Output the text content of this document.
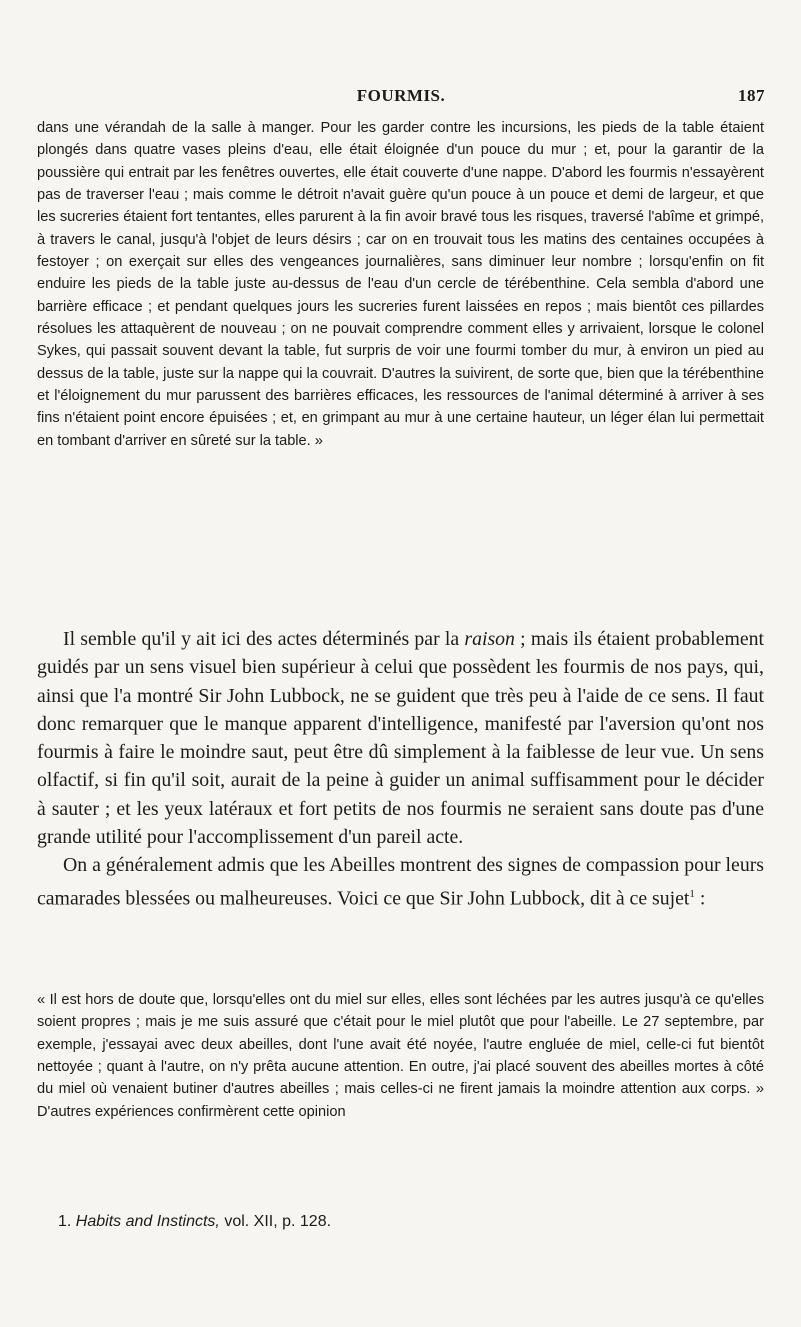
FOURMIS.	187

dans une vérandah de la salle à manger. Pour les garder contre les incursions, les pieds de la table étaient plongés dans quatre vases pleins d'eau, elle était éloignée d'un pouce du mur ; et, pour la garantir de la poussière qui entrait par les fenêtres ouvertes, elle était couverte d'une nappe. D'abord les fourmis n'essayèrent pas de traverser l'eau ; mais comme le détroit n'avait guère qu'un pouce à un pouce et demi de largeur, et que les sucreries étaient fort tentantes, elles parurent à la fin avoir bravé tous les risques, traversé l'abîme et grimpé, à travers le canal, jusqu'à l'objet de leurs désirs ; car on en trouvait tous les matins des centaines occupées à festoyer ; on exerçait sur elles des vengeances journalières, sans diminuer leur nombre ; lorsqu'enfin on fit enduire les pieds de la table juste au-dessus de l'eau d'un cercle de térébenthine. Cela sembla d'abord une barrière efficace ; et pendant quelques jours les sucreries furent laissées en repos ; mais bientôt ces pillardes résolues les attaquèrent de nouveau ; on ne pouvait comprendre comment elles y arrivaient, lorsque le colonel Sykes, qui passait souvent devant la table, fut surpris de voir une fourmi tomber du mur, à environ un pied au dessus de la table, juste sur la nappe qui la couvrait. D'autres la suivirent, de sorte que, bien que la térébenthine et l'éloignement du mur parussent des barrières efficaces, les ressources de l'animal déterminé à arriver à ses fins n'étaient point encore épuisées ; et, en grimpant au mur à une certaine hauteur, un léger élan lui permettait en tombant d'arriver en sûreté sur la table. »

Il semble qu'il y ait ici des actes déterminés par la raison ; mais ils étaient probablement guidés par un sens visuel bien supérieur à celui que possèdent les fourmis de nos pays, qui, ainsi que l'a montré Sir John Lubbock, ne se guident que très peu à l'aide de ce sens. Il faut donc remarquer que le manque apparent d'intelligence, manifesté par l'aversion qu'ont nos fourmis à faire le moindre saut, peut être dû simplement à la faiblesse de leur vue. Un sens olfactif, si fin qu'il soit, aurait de la peine à guider un animal suffisamment pour le décider à sauter ; et les yeux latéraux et fort petits de nos fourmis ne seraient sans doute pas d'une grande utilité pour l'accomplissement d'un pareil acte.

On a généralement admis que les Abeilles montrent des signes de compassion pour leurs camarades blessées ou malheureuses. Voici ce que Sir John Lubbock, dit à ce sujet$^1$ :

« Il est hors de doute que, lorsqu'elles ont du miel sur elles, elles sont léchées par les autres jusqu'à ce qu'elles soient propres ; mais je me suis assuré que c'était pour le miel plutôt que pour l'abeille. Le 27 septembre, par exemple, j'essayai avec deux abeilles, dont l'une avait été noyée, l'autre engluée de miel, celle-ci fut bientôt nettoyée ; quant à l'autre, on n'y prêta aucune attention. En outre, j'ai placé souvent des abeilles mortes à côté du miel où venaient butiner d'autres abeilles ; mais celles-ci ne firent jamais la moindre attention aux corps. » D'autres expériences confirmèrent cette opinion

1. Habits and Instincts, vol. XII, p. 128.
